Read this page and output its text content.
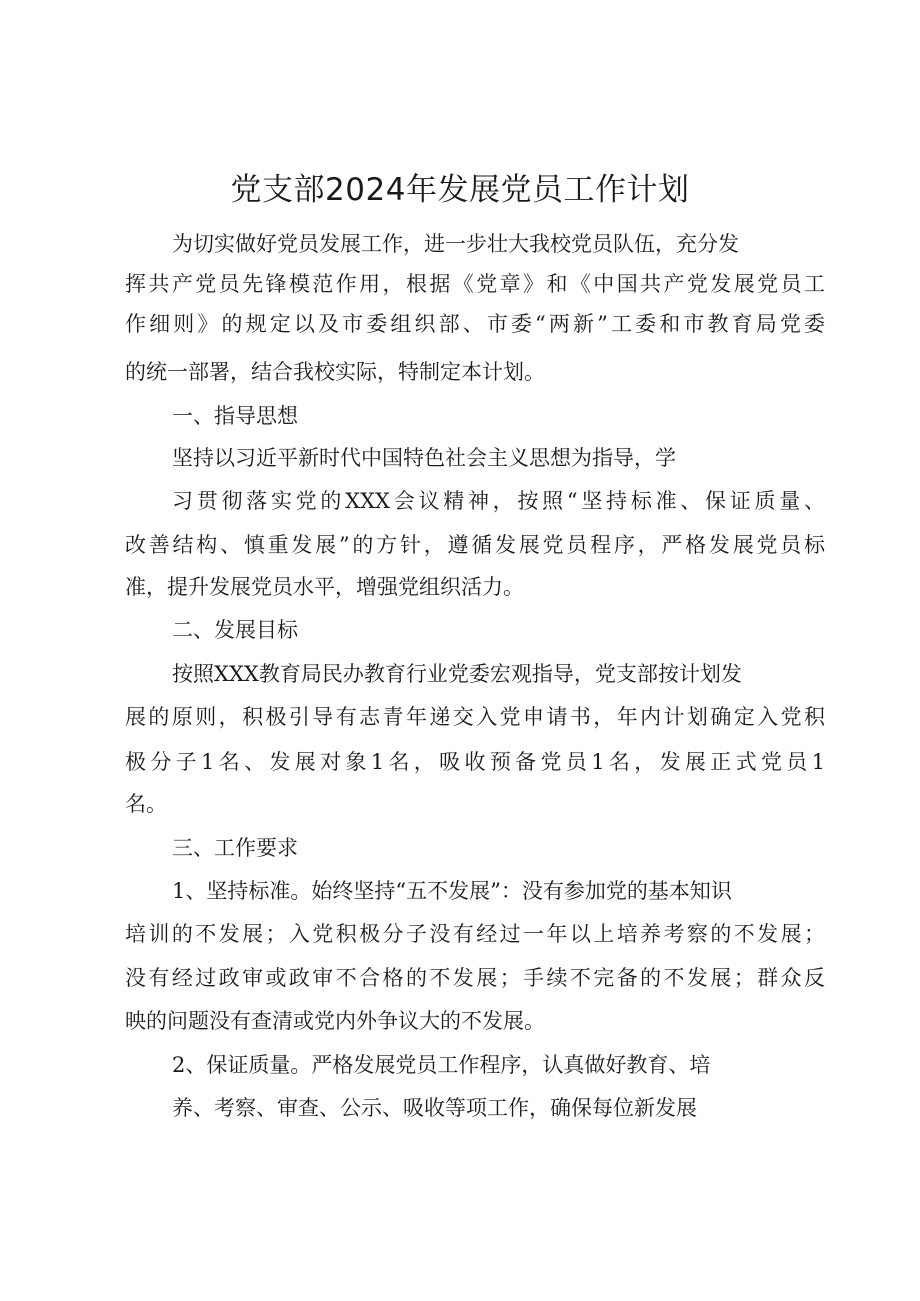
党支部2024年发展党员工作计划
为切实做好党员发展工作，进一步壮大我校党员队伍，充分发
挥共产党员先锋模范作用，根据《党章》和《中国共产党发展党员工
作细则》的规定以及市委组织部、市委“两新”工委和市教育局党委
的统一部署，结合我校实际，特制定本计划。
一、指导思想
坚持以习近平新时代中国特色社会主义思想为指导，学
习贯彻落实党的XXX会议精神，按照“坚持标准、保证质量、
改善结构、慎重发展”的方针，遵循发展党员程序，严格发展党员标
准，提升发展党员水平，增强党组织活力。
二、发展目标
按照XXX教育局民办教育行业党委宏观指导，党支部按计划发
展的原则，积极引导有志青年递交入党申请书，年内计划确定入党积
极分子1名、发展对象1名，吸收预备党员1名，发展正式党员1
名。
三、工作要求
1、坚持标准。始终坚持“五不发展”：没有参加党的基本知识
培训的不发展；入党积极分子没有经过一年以上培养考察的不发展；
没有经过政审或政审不合格的不发展；手续不完备的不发展；群众反
映的问题没有查清或党内外争议大的不发展。
2、保证质量。严格发展党员工作程序，认真做好教育、培
养、考察、审查、公示、吸收等项工作，确保每位新发展
